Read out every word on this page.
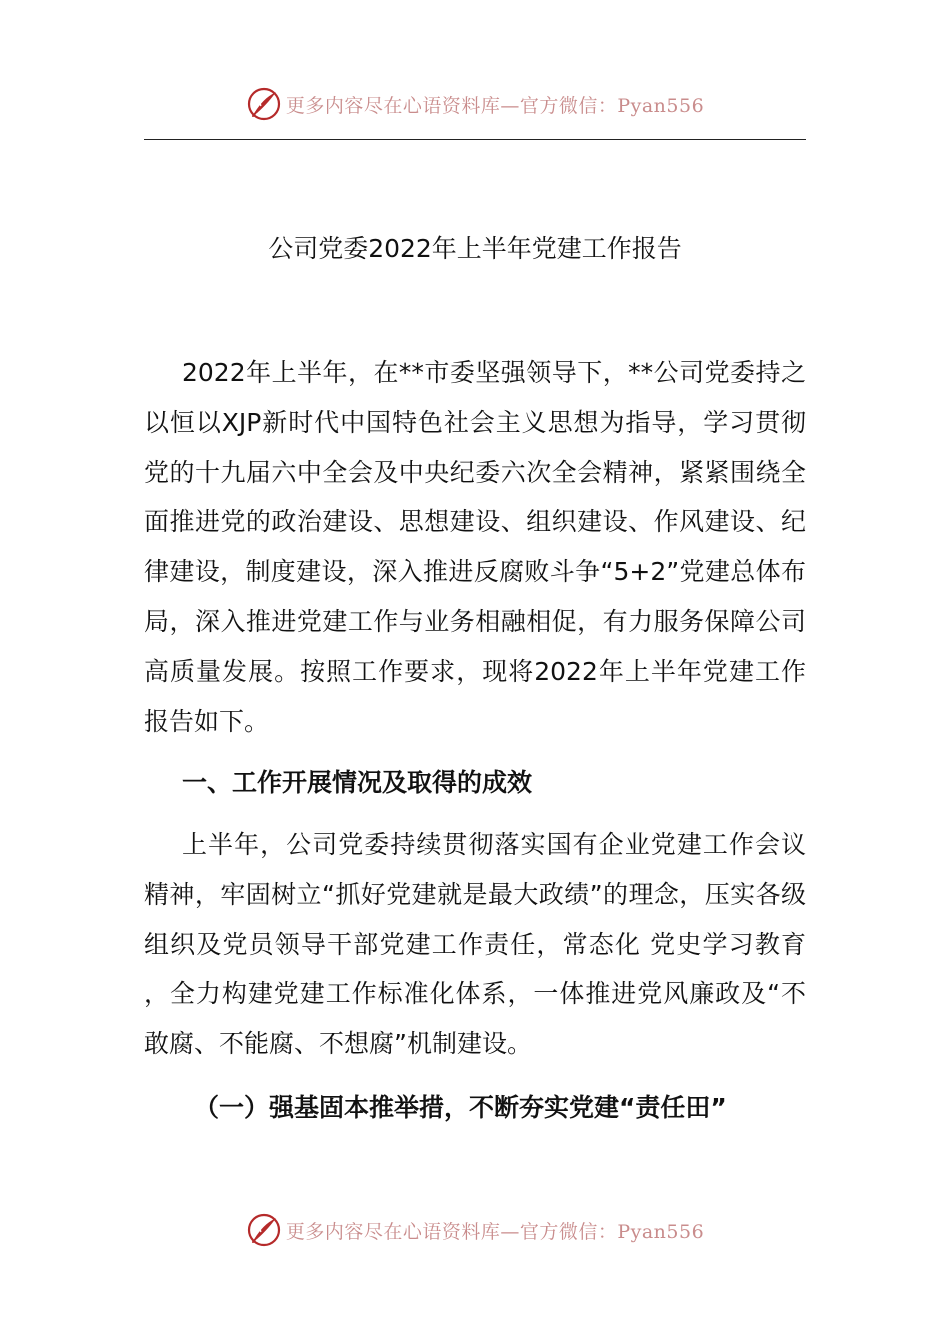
更多内容尽在心语资料库—官方微信：Pyan556
公司党委2022年上半年党建工作报告

2022年上半年，在**市委坚强领导下，**公司党委持之以恒以XJP新时代中国特色社会主义思想为指导，学习贯彻党的十九届六中全会及中央纪委六次全会精神，紧紧围绕全面推进党的政治建设、思想建设、组织建设、作风建设、纪律建设，制度建设，深入推进反腐败斗争“5+2”党建总体布局，深入推进党建工作与业务相融相促，有力服务保障公司高质量发展。按照工作要求，现将2022年上半年党建工作报告如下。

一、工作开展情况及取得的成效

上半年，公司党委持续贯彻落实国有企业党建工作会议精神，牢固树立“抓好党建就是最大政绩”的理念，压实各级组织及党员领导干部党建工作责任，常态化 党史学习教育 ，全力构建党建工作标准化体系，一体推进党风廉政及“不敢腐、不能腐、不想腐”机制建设。

（一）强基固本推举措，不断夯实党建“责任田”
更多内容尽在心语资料库—官方微信：Pyan556
